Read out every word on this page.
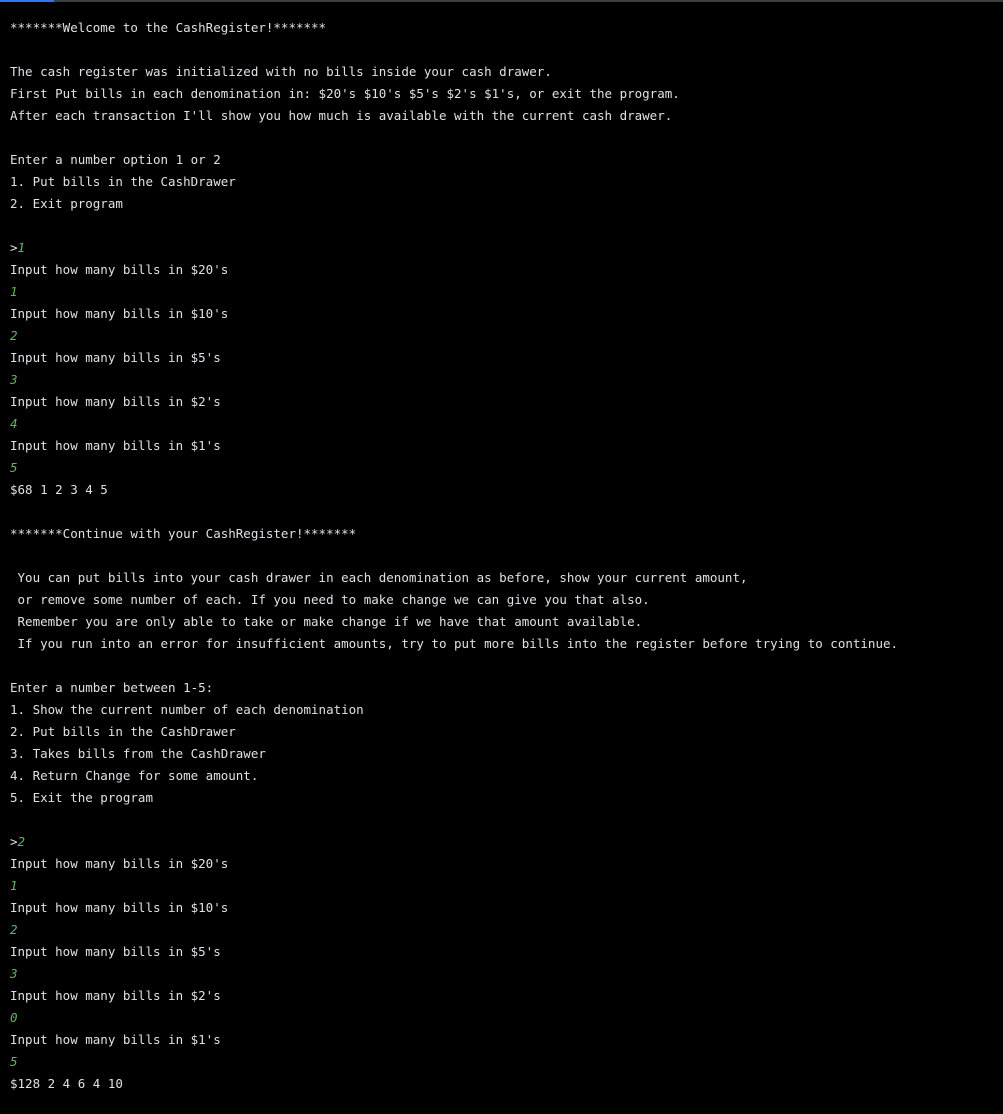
*******Welcome to the CashRegister!*******
The cash register was initialized with no bills inside your cash drawer.
First Put bills in each denomination in: $20's $10's $5's $2's $1's, or exit the program.
After each transaction I'll show you how much is available with the current cash drawer.
Enter a number option 1 or 2
1. Put bills in the CashDrawer
2. Exit program
>1
Input how many bills in $20's
1
Input how many bills in $10's
2
Input how many bills in $5's
3
Input how many bills in $2's
4
Input how many bills in $1's
5
$68 1 2 3 4 5
*******Continue with your CashRegister!*******
You can put bills into your cash drawer in each denomination as before, show your current amount,
or remove some number of each. If you need to make change we can give you that also.
Remember you are only able to take or make change if we have that amount available.
If you run into an error for insufficient amounts, try to put more bills into the register before trying to continue.
Enter a number between 1-5:
1. Show the current number of each denomination
2. Put bills in the CashDrawer
3. Takes bills from the CashDrawer
4. Return Change for some amount.
5. Exit the program
>2
Input how many bills in $20's
1
Input how many bills in $10's
2
Input how many bills in $5's
3
Input how many bills in $2's
0
Input how many bills in $1's
5
$128 2 4 6 4 10
